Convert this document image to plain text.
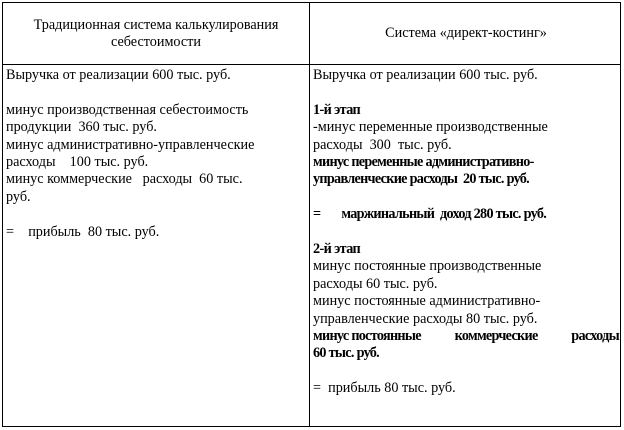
Традиционная система калькулирования
себестоимости
Система «директ-костинг»
Выручка от реализации 600 тыс. руб.
минус производственная себестоимость
продукции  360 тыс. руб.
минус административно-управленческие
расходы    100 тыс. руб.
минус коммерческие   расходы  60 тыс.
руб.
=    прибыль  80 тыс. руб.
Выручка от реализации 600 тыс. руб.
1-й этап
-минус переменные производственные
расходы  300  тыс. руб.
минус переменные административно-
управленческие расходы  20 тыс. руб.
= маржинальный  доход 280 тыс. руб.
2-й этап
минус постоянные производственные
расходы 60 тыс. руб.
минус постоянные административно-
управленческие расходы 80 тыс. руб.
минус постоянные коммерческие расходы
60 тыс. руб.
=  прибыль 80 тыс. руб.
